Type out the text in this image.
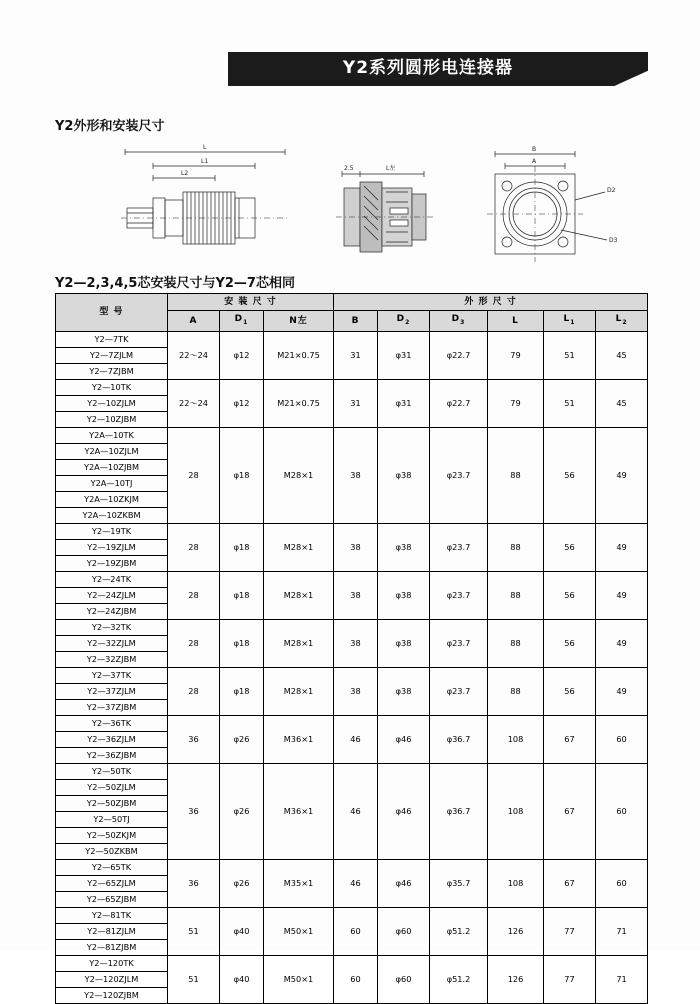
Y2系列圆形电连接器
Y2外形和安装尺寸
L
L1
L2
2.5	L左
B
A
D2
D3
Y2—2,3,4,5芯安装尺寸与Y2—7芯相同
型 号	安 装 尺 寸			外 形 尺 寸					
	A	$D_1$	N左	B	$D_2$	$D_3$	L	$L_1$	$L_2$
Y2—7TK	22～24	φ12	M21×0.75	31	φ31	φ22.7	79	51	45
Y2—7ZJLM									
Y2—7ZJBM									
Y2—10TK	22～24	φ12	M21×0.75	31	φ31	φ22.7	79	51	45
Y2—10ZJLM									
Y2—10ZJBM									
Y2A—10TK	28	φ18	M28×1	38	φ38	φ23.7	88	56	49
Y2A—10ZJLM									
Y2A—10ZJBM									
Y2A—10TJ									
Y2A—10ZKJM									
Y2A—10ZKBM									
Y2—19TK	28	φ18	M28×1	38	φ38	φ23.7	88	56	49
Y2—19ZJLM									
Y2—19ZJBM									
Y2—24TK	28	φ18	M28×1	38	φ38	φ23.7	88	56	49
Y2—24ZJLM									
Y2—24ZJBM									
Y2—32TK	28	φ18	M28×1	38	φ38	φ23.7	88	56	49
Y2—32ZJLM									
Y2—32ZJBM									
Y2—37TK	28	φ18	M28×1	38	φ38	φ23.7	88	56	49
Y2—37ZJLM									
Y2—37ZJBM									
Y2—36TK	36	φ26	M36×1	46	φ46	φ36.7	108	67	60
Y2—36ZJLM									
Y2—36ZJBM									
Y2—50TK	36	φ26	M36×1	46	φ46	φ36.7	108	67	60
Y2—50ZJLM									
Y2—50ZJBM									
Y2—50TJ									
Y2—50ZKJM									
Y2—50ZKBM									
Y2—65TK	36	φ26	M35×1	46	φ46	φ35.7	108	67	60
Y2—65ZJLM									
Y2—65ZJBM									
Y2—81TK	51	φ40	M50×1	60	φ60	φ51.2	126	77	71
Y2—81ZJLM									
Y2—81ZJBM									
Y2—120TK	51	φ40	M50×1	60	φ60	φ51.2	126	77	71
Y2—120ZJLM									
Y2—120ZJBM									
